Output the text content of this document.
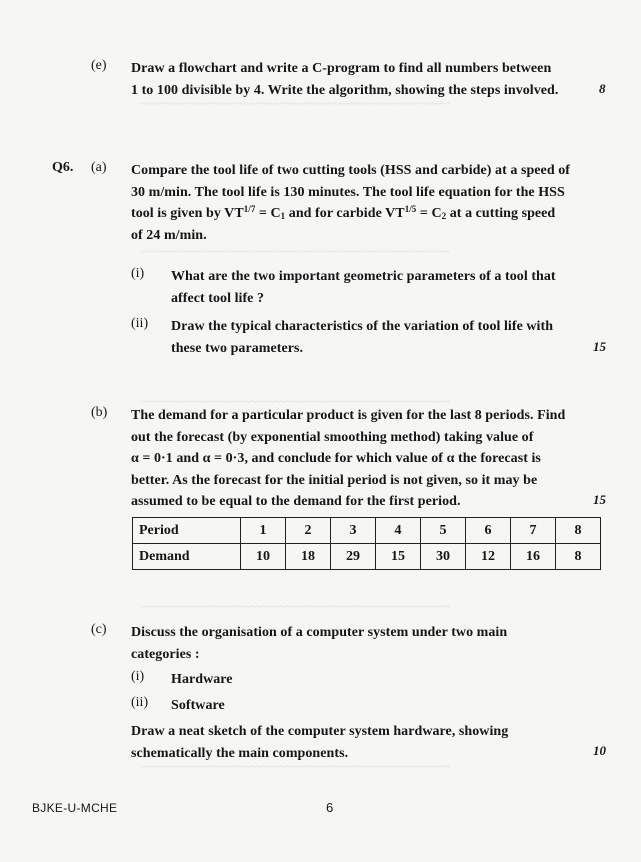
~~~~~~~~~~~~~~~~~~~~~~~~~~~~~~~~~~~~~~~~~~~~~~~~~~~~
~~~~~~~~~~~~~~~~~~~~~~~~~~~~~~~~~~~~~~~~~~~~~~~~~~~~
~~~~~~~~~~~~~~~~~~~~~~~~~~~~~~~~~~~~~~~~~~~~~~~~~~~~
~~~~~~~~~~~~~~~~~~~~~~~~~~~~~~~~~~~~~~~~~~~~~~~~~~~~
~~~~~~~~~~~~~~~~~~~~~~~~~~~~~~~~~~~~~~~~~~~~~~~~~~~~
(e) Draw a flowchart and write a C-program to find all numbers between
1 to 100 divisible by 4. Write the algorithm, showing the steps involved.	8
Q6. (a) Compare the tool life of two cutting tools (HSS and carbide) at a speed of
30 m/min. The tool life is 130 minutes. The tool life equation for the HSS
tool is given by $VT^{1/7} = C_1$ and for carbide $VT^{1/5} = C_2$ at a cutting speed
of 24 m/min.
(i) What are the two important geometric parameters of a tool that
affect tool life ?
(ii) Draw the typical characteristics of the variation of tool life with
these two parameters.	15
(b) The demand for a particular product is given for the last 8 periods. Find
out the forecast (by exponential smoothing method) taking value of
α = 0·1 and α = 0·3, and conclude for which value of α the forecast is
better. As the forecast for the initial period is not given, so it may be
assumed to be equal to the demand for the first period.	15
Period	1	2	3	4	5	6	7	8
Demand	10	18	29	15	30	12	16	8
(c) Discuss the organisation of a computer system under two main
categories :
(i) Hardware
(ii) Software
Draw a neat sketch of the computer system hardware, showing
schematically the main components.	10
BJKE-U-MCHE	6
